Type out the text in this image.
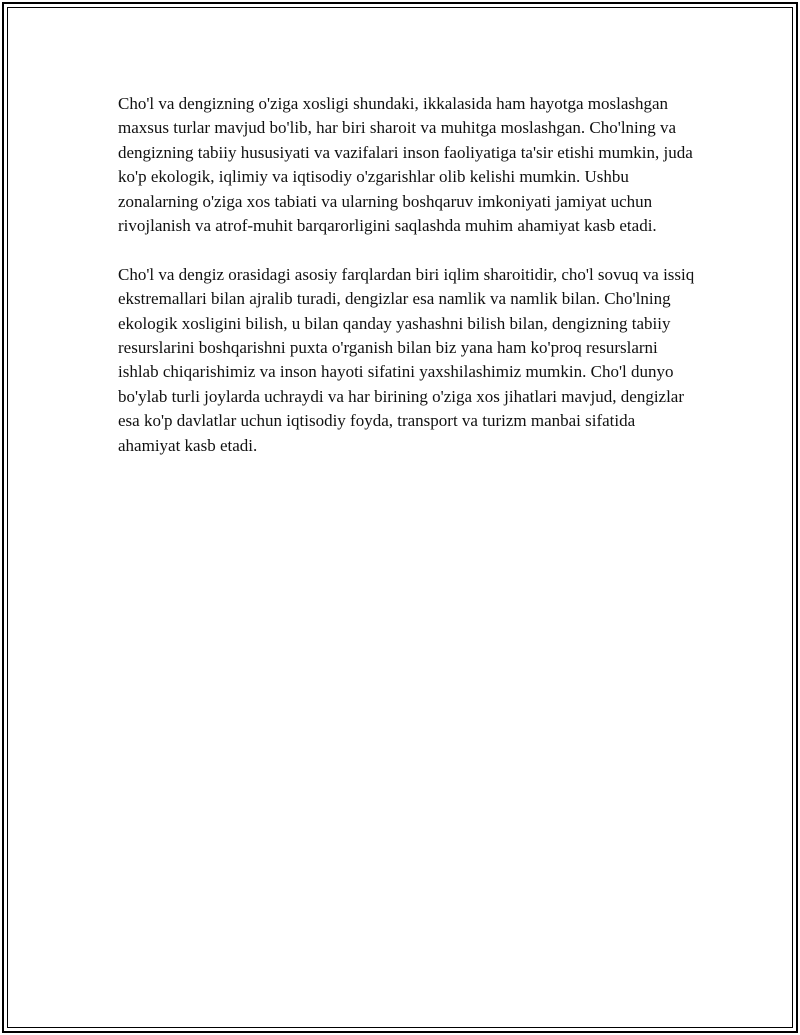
Cho'l va dengizning o'ziga xosligi shundaki, ikkalasida ham hayotga moslashgan maxsus turlar mavjud bo'lib, har biri sharoit va muhitga moslashgan. Cho'lning va dengizning tabiiy hususiyati va vazifalari inson faoliyatiga ta'sir etishi mumkin, juda ko'p ekologik, iqlimiy va iqtisodiy o'zgarishlar olib kelishi mumkin. Ushbu zonalarning o'ziga xos tabiati va ularning boshqaruv imkoniyati jamiyat uchun rivojlanish va atrof-muhit barqarorligini saqlashda muhim ahamiyat kasb etadi.

Cho'l va dengiz orasidagi asosiy farqlardan biri iqlim sharoitidir, cho'l sovuq va issiq ekstremallari bilan ajralib turadi, dengizlar esa namlik va namlik bilan. Cho'lning ekologik xosligini bilish, u bilan qanday yashashni bilish bilan, dengizning tabiiy resurslarini boshqarishni puxta o'rganish bilan biz yana ham ko'proq resurslarni ishlab chiqarishimiz va inson hayoti sifatini yaxshilashimiz mumkin. Cho'l dunyo bo'ylab turli joylarda uchraydi va har birining o'ziga xos jihatlari mavjud, dengizlar esa ko'p davlatlar uchun iqtisodiy foyda, transport va turizm manbai sifatida ahamiyat kasb etadi.
